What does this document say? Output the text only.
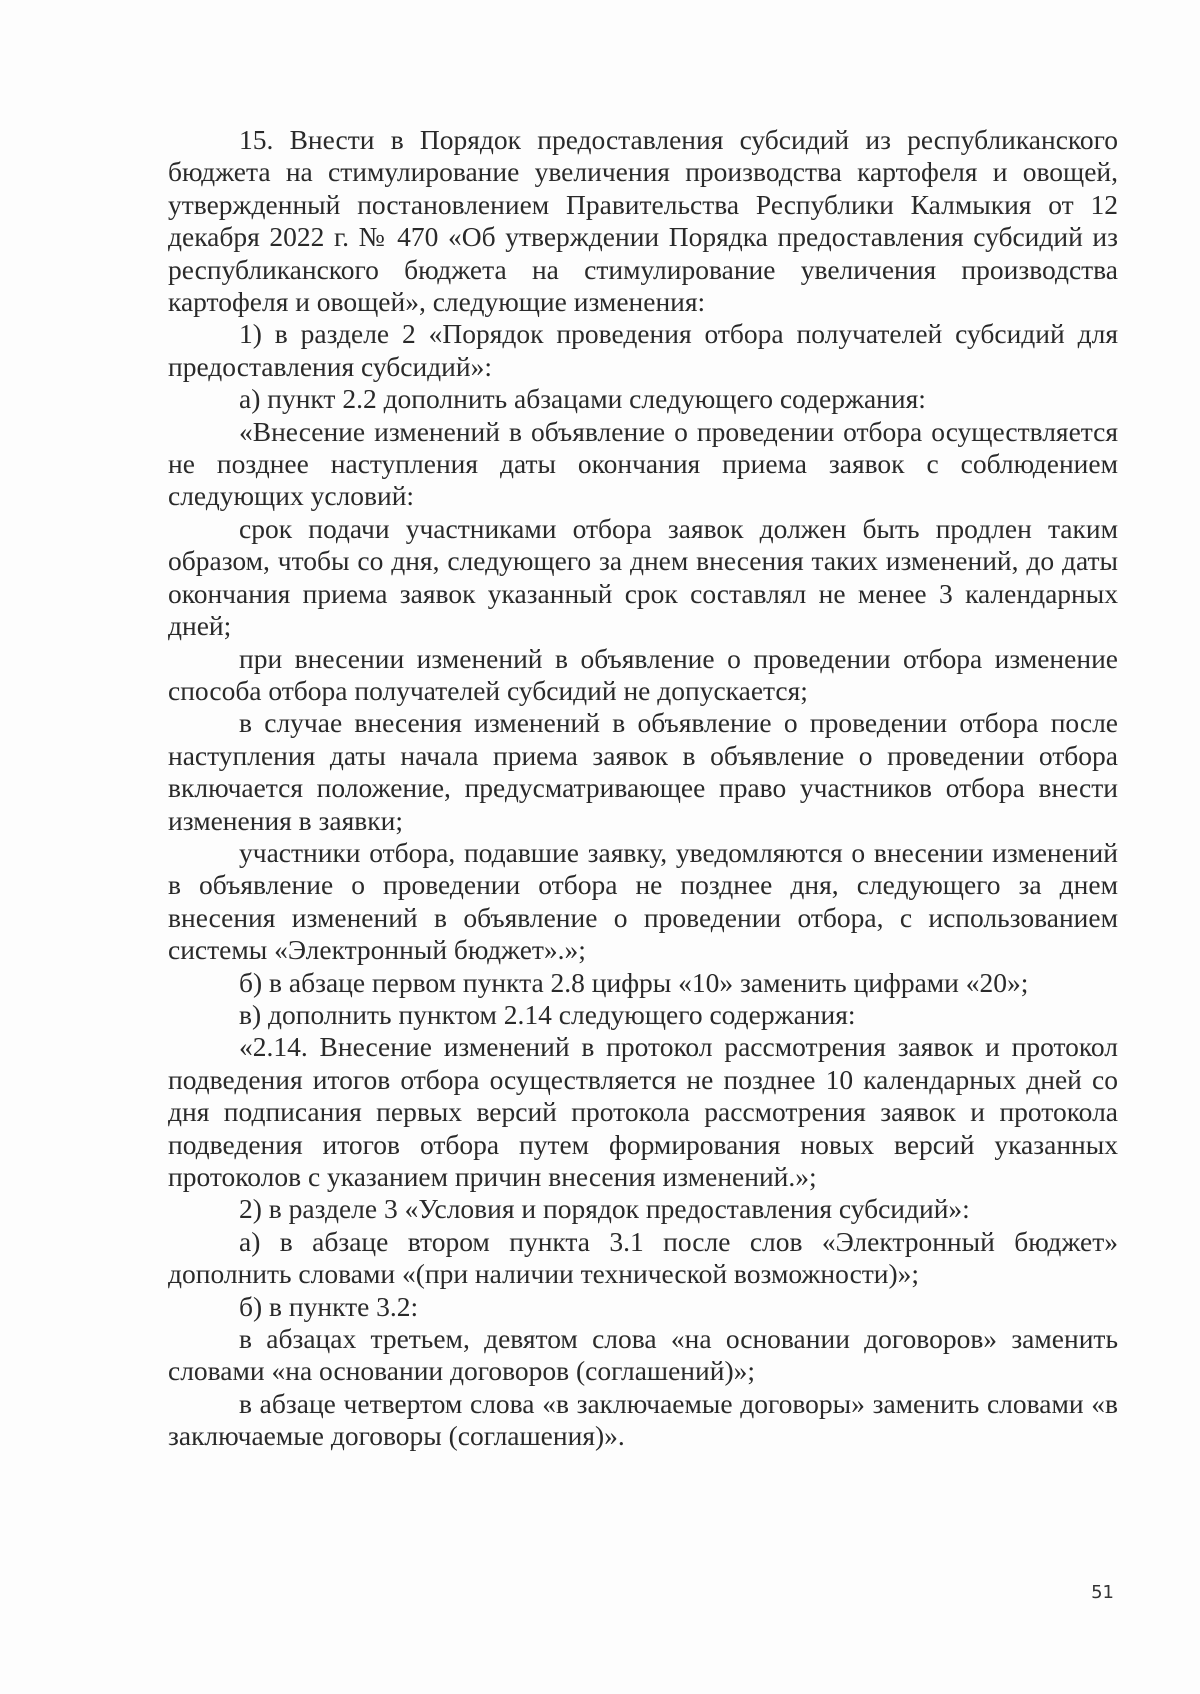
15. Внести в Порядок предоставления субсидий из республиканского бюджета на стимулирование увеличения производства картофеля и овощей, утвержденный постановлением Правительства Республики Калмыкия от 12 декабря 2022 г. № 470 «Об утверждении Порядка предоставления субсидий из республиканского бюджета на стимулирование увеличения производства картофеля и овощей», следующие изменения:

1) в разделе 2 «Порядок проведения отбора получателей субсидий для предоставления субсидий»:

а) пункт 2.2 дополнить абзацами следующего содержания:

«Внесение изменений в объявление о проведении отбора осуществляется не позднее наступления даты окончания приема заявок с соблюдением следующих условий:

срок подачи участниками отбора заявок должен быть продлен таким образом, чтобы со дня, следующего за днем внесения таких изменений, до даты окончания приема заявок указанный срок составлял не менее 3 календарных дней;

при внесении изменений в объявление о проведении отбора изменение способа отбора получателей субсидий не допускается;

в случае внесения изменений в объявление о проведении отбора после наступления даты начала приема заявок в объявление о проведении отбора включается положение, предусматривающее право участников отбора внести изменения в заявки;

участники отбора, подавшие заявку, уведомляются о внесении изменений в объявление о проведении отбора не позднее дня, следующего за днем внесения изменений в объявление о проведении отбора, с использованием системы «Электронный бюджет».»;

б) в абзаце первом пункта 2.8 цифры «10» заменить цифрами «20»;

в) дополнить пунктом 2.14 следующего содержания:

«2.14. Внесение изменений в протокол рассмотрения заявок и протокол подведения итогов отбора осуществляется не позднее 10 календарных дней со дня подписания первых версий протокола рассмотрения заявок и протокола подведения итогов отбора путем формирования новых версий указанных протоколов с указанием причин внесения изменений.»;

2) в разделе 3 «Условия и порядок предоставления субсидий»:

а) в абзаце втором пункта 3.1 после слов «Электронный бюджет» дополнить словами «(при наличии технической возможности)»;

б) в пункте 3.2:

в абзацах третьем, девятом слова «на основании договоров» заменить словами «на основании договоров (соглашений)»;

в абзаце четвертом слова «в заключаемые договоры» заменить словами «в заключаемые договоры (соглашения)».

51
